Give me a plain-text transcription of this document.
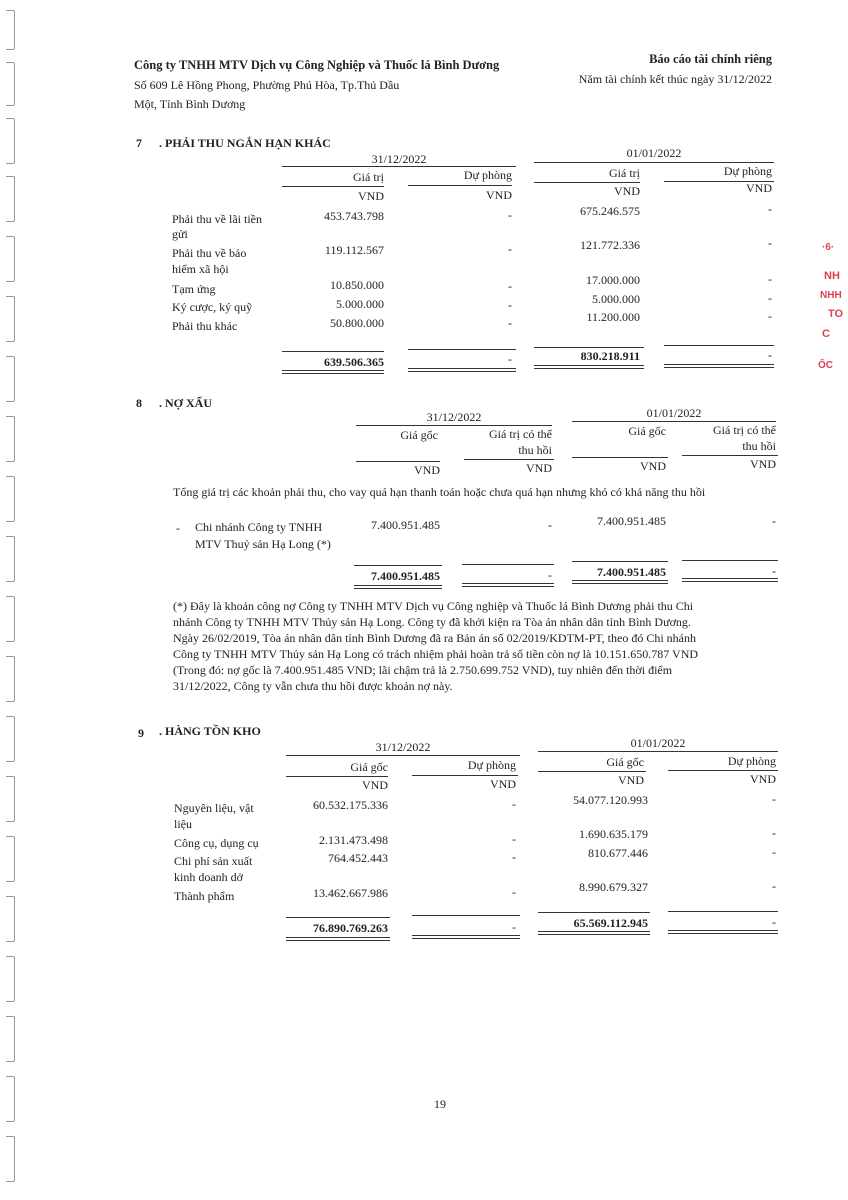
·6·
NH
NHH
TO
C
ỐC
Công ty TNHH MTV Dịch vụ Công Nghiệp và Thuốc lá Bình Dương
Số 609 Lê Hồng Phong, Phường Phú Hòa, Tp.Thủ Dầu
Một, Tỉnh Bình Dương
Báo cáo tài chính riêng
Năm tài chính kết thúc ngày 31/12/2022
7 . PHẢI THU NGẮN HẠN KHÁC
31/12/2022	01/01/2022
Giá trị	Dự phòng	Giá trị	Dự phòng
VND	VND	VND	VND
Phải thu về lãi tiền
gửi
453.743.798	-	675.246.575	-
Phải thu về bảo
hiểm xã hội
119.112.567	-	121.772.336	-
Tạm ứng	10.850.000	-	17.000.000	-
Ký cược, ký quỹ	5.000.000	-	5.000.000	-
Phải thu khác	50.800.000	-	11.200.000	-
639.506.365	-	830.218.911	-
8 . NỢ XẤU
31/12/2022	01/01/2022
Giá gốc	Giá trị có thể
thu hồi
Giá gốc	Giá trị có thể
thu hồi
VND	VND	VND	VND
Tổng giá trị các khoản phải thu, cho vay quá hạn thanh toán hoặc chưa quá hạn nhưng khó có khả năng thu hồi
- Chi nhánh Công ty TNHH
MTV Thuỷ sản Hạ Long (*)
7.400.951.485	-	7.400.951.485	-
7.400.951.485	-	7.400.951.485	-
(*) Đây là khoản công nợ Công ty TNHH MTV Dịch vụ Công nghiệp và Thuốc lá Bình Dương phải thu Chi
nhánh Công ty TNHH MTV Thủy sản Hạ Long. Công ty đã khởi kiện ra Tòa án nhân dân tỉnh Bình Dương.
Ngày 26/02/2019, Tòa án nhân dân tỉnh Bình Dương đã ra Bản án số 02/2019/KDTM-PT, theo đó Chi nhánh
Công ty TNHH MTV Thủy sản Hạ Long có trách nhiệm phải hoàn trả số tiền còn nợ là 10.151.650.787 VND
(Trong đó: nợ gốc là 7.400.951.485 VND; lãi chậm trả là 2.750.699.752 VND), tuy nhiên đến thời điểm
31/12/2022, Công ty vẫn chưa thu hồi được khoản nợ này.
9 . HÀNG TỒN KHO
31/12/2022	01/01/2022
Giá gốc	Dự phòng	Giá gốc	Dự phòng
VND	VND	VND	VND
Nguyên liệu, vật
liệu
60.532.175.336	-	54.077.120.993	-
Công cụ, dụng cụ	2.131.473.498	-	1.690.635.179	-
Chi phí sản xuất
kinh doanh dở
764.452.443	-	810.677.446	-
Thành phẩm	13.462.667.986	-	8.990.679.327	-
76.890.769.263	-	65.569.112.945	-
19
